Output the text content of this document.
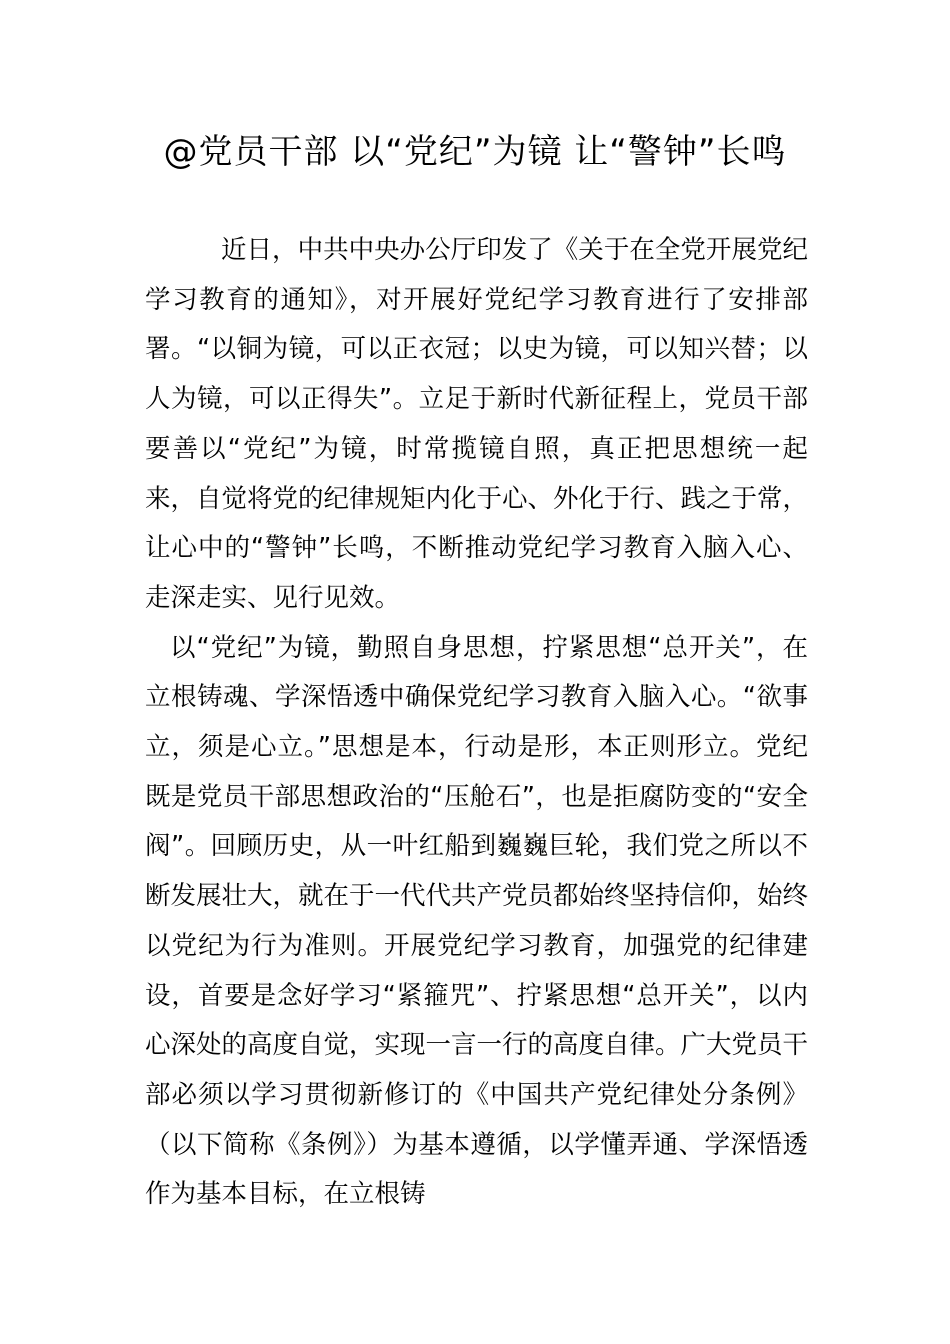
@党员干部 以“党纪”为镜 让“警钟”长鸣

近日，中共中央办公厅印发了《关于在全党开展党纪学习教育的通知》，对开展好党纪学习教育进行了安排部署。“以铜为镜，可以正衣冠；以史为镜，可以知兴替；以人为镜，可以正得失”。立足于新时代新征程上，党员干部要善以“党纪”为镜，时常揽镜自照，真正把思想统一起来，自觉将党的纪律规矩内化于心、外化于行、践之于常，让心中的“警钟”长鸣，不断推动党纪学习教育入脑入心、走深走实、见行见效。

以“党纪”为镜，勤照自身思想，拧紧思想“总开关”，在立根铸魂、学深悟透中确保党纪学习教育入脑入心。“欲事立，须是心立。”思想是本，行动是形，本正则形立。党纪既是党员干部思想政治的“压舱石”，也是拒腐防变的“安全阀”。回顾历史，从一叶红船到巍巍巨轮，我们党之所以不断发展壮大，就在于一代代共产党员都始终坚持信仰，始终以党纪为行为准则。开展党纪学习教育，加强党的纪律建设，首要是念好学习“紧箍咒”、拧紧思想“总开关”，以内心深处的高度自觉，实现一言一行的高度自律。广大党员干部必须以学习贯彻新修订的《中国共产党纪律处分条例》（以下简称《条例》）为基本遵循，以学懂弄通、学深悟透作为基本目标，在立根铸
